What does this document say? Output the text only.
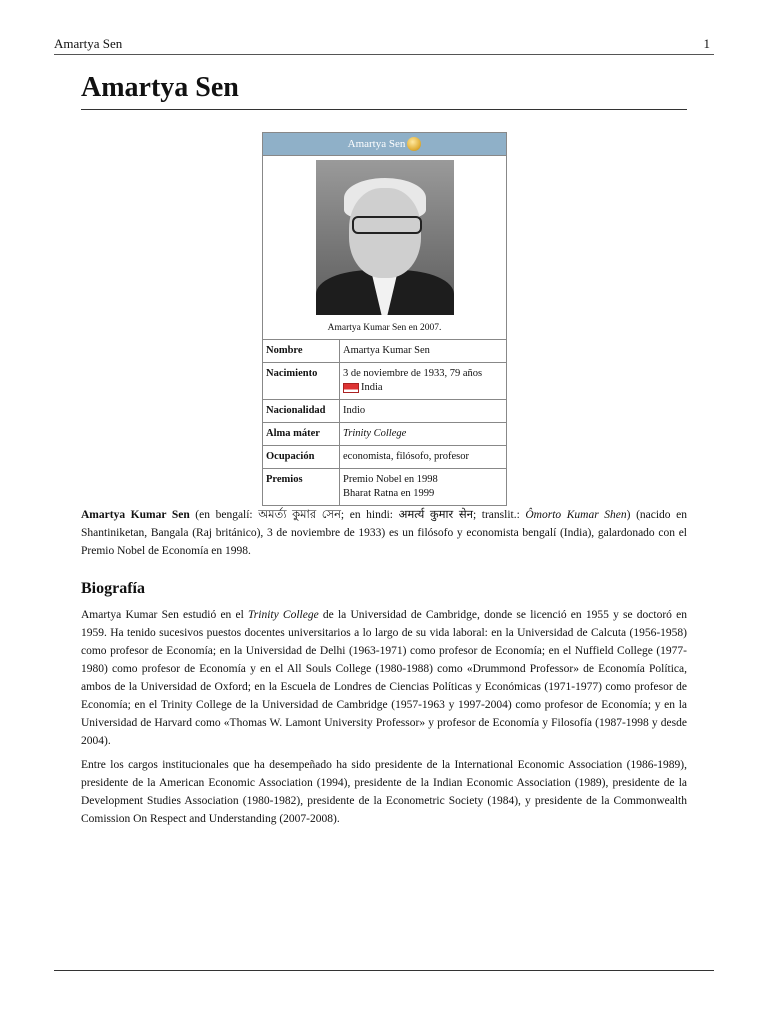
Amartya Sen	1
Amartya Sen
Amartya Sen	

Amartya Kumar Sen en 2007.	

Nombre	Amartya Kumar Sen
Nacimiento	3 de noviembre de 1933, 79 años
India
Nacionalidad	Indio
Alma máter	Trinity College
Ocupación	economista, filósofo, profesor
Premios	Premio Nobel en 1998
Bharat Ratna en 1999

Amartya Kumar Sen (en bengalí: অমর্ত্য কুমার সেন; en hindi: अमर्त्य कुमार सेन; translit.: Ômorto Kumar Shen) (nacido en Shantiniketan, Bangala (Raj británico), 3 de noviembre de 1933) es un filósofo y economista bengalí (India), galardonado con el Premio Nobel de Economía en 1998.

Biografía

Amartya Kumar Sen estudió en el Trinity College de la Universidad de Cambridge, donde se licenció en 1955 y se doctoró en 1959. Ha tenido sucesivos puestos docentes universitarios a lo largo de su vida laboral: en la Universidad de Calcuta (1956-1958) como profesor de Economía; en la Universidad de Delhi (1963-1971) como profesor de Economía; en el Nuffield College (1977-1980) como profesor de Economía y en el All Souls College (1980-1988) como «Drummond Professor» de Economía Política, ambos de la Universidad de Oxford; en la Escuela de Londres de Ciencias Políticas y Económicas (1971-1977) como profesor de Economía; en el Trinity College de la Universidad de Cambridge (1957-1963 y 1997-2004) como profesor de Economía; y en la Universidad de Harvard como «Thomas W. Lamont University Professor» y profesor de Economía y Filosofía (1987-1998 y desde 2004).

Entre los cargos institucionales que ha desempeñado ha sido presidente de la International Economic Association (1986-1989), presidente de la American Economic Association (1994), presidente de la Indian Economic Association (1989), presidente de la Development Studies Association (1980-1982), presidente de la Econometric Society (1984), y presidente de la Commonwealth Comission On Respect and Understanding (2007-2008).
